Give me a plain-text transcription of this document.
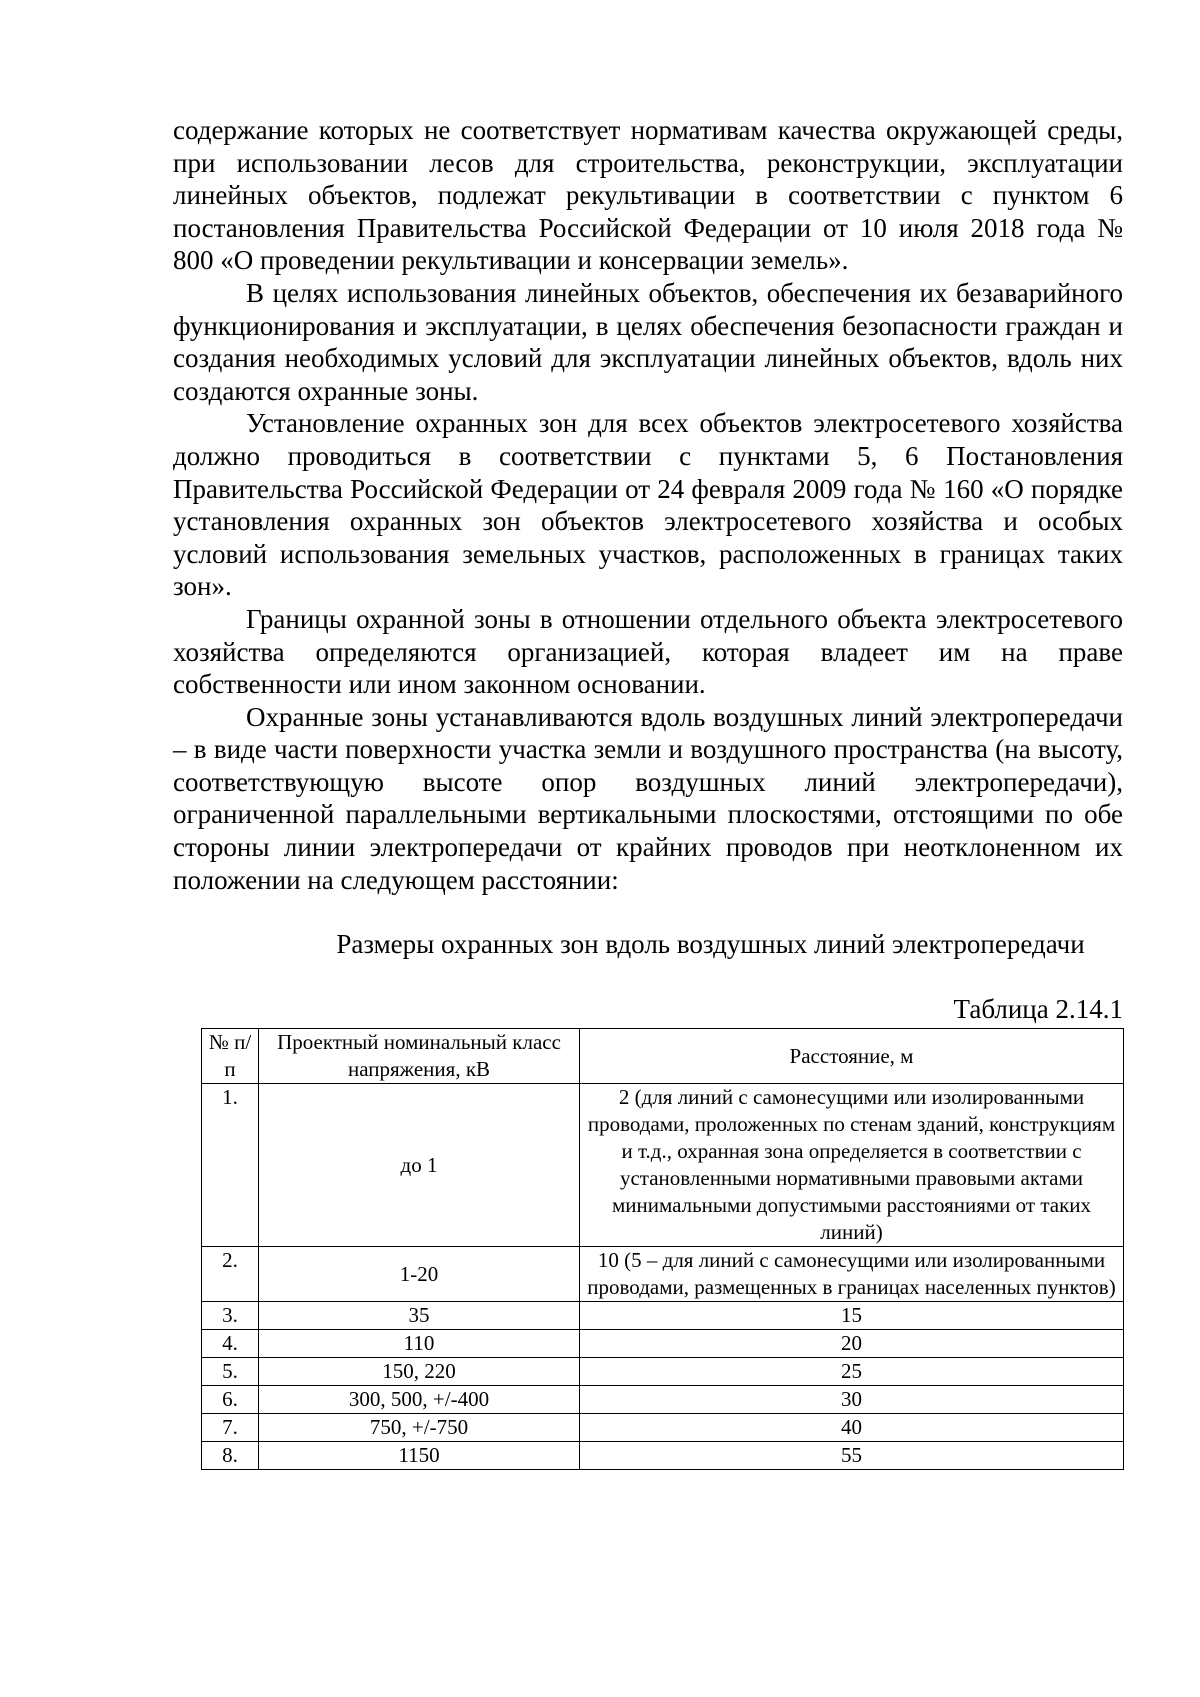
содержание которых не соответствует нормативам качества окружающей среды, при использовании лесов для строительства, реконструкции, эксплуатации линейных объектов, подлежат рекультивации в соответствии с пунктом 6 постановления Правительства Российской Федерации от 10 июля 2018 года № 800 «О проведении рекультивации и консервации земель».

В целях использования линейных объектов, обеспечения их безаварийного функционирования и эксплуатации, в целях обеспечения безопасности граждан и создания необходимых условий для эксплуатации линейных объектов, вдоль них создаются охранные зоны.

Установление охранных зон для всех объектов электросетевого хозяйства должно проводиться в соответствии с пунктами 5, 6 Постановления Правительства Российской Федерации от 24 февраля 2009 года № 160 «О порядке установления охранных зон объектов электросетевого хозяйства и особых условий использования земельных участков, расположенных в границах таких зон».

Границы охранной зоны в отношении отдельного объекта электросетевого хозяйства определяются организацией, которая владеет им на праве собственности или ином законном основании.

Охранные зоны устанавливаются вдоль воздушных линий электропередачи – в виде части поверхности участка земли и воздушного пространства (на высоту, соответствующую высоте опор воздушных линий электропередачи), ограниченной параллельными вертикальными плоскостями, отстоящими по обе стороны линии электропередачи от крайних проводов при неотклоненном их положении на следующем расстоянии:

Размеры охранных зон вдоль воздушных линий электропередачи
Таблица 2.14.1
№ п/п	Проектный номинальный класс напряжения, кВ	Расстояние, м
1.	до 1	2 (для линий с самонесущими или изолированными проводами, проложенных по стенам зданий, конструкциям и т.д., охранная зона определяется в соответствии с установленными нормативными правовыми актами минимальными допустимыми расстояниями от таких линий)
2.	1-20	10 (5 – для линий с самонесущими или изолированными проводами, размещенных в границах населенных пунктов)
3.	35	15
4.	110	20
5.	150, 220	25
6.	300, 500, +/-400	30
7.	750, +/-750	40
8.	1150	55
